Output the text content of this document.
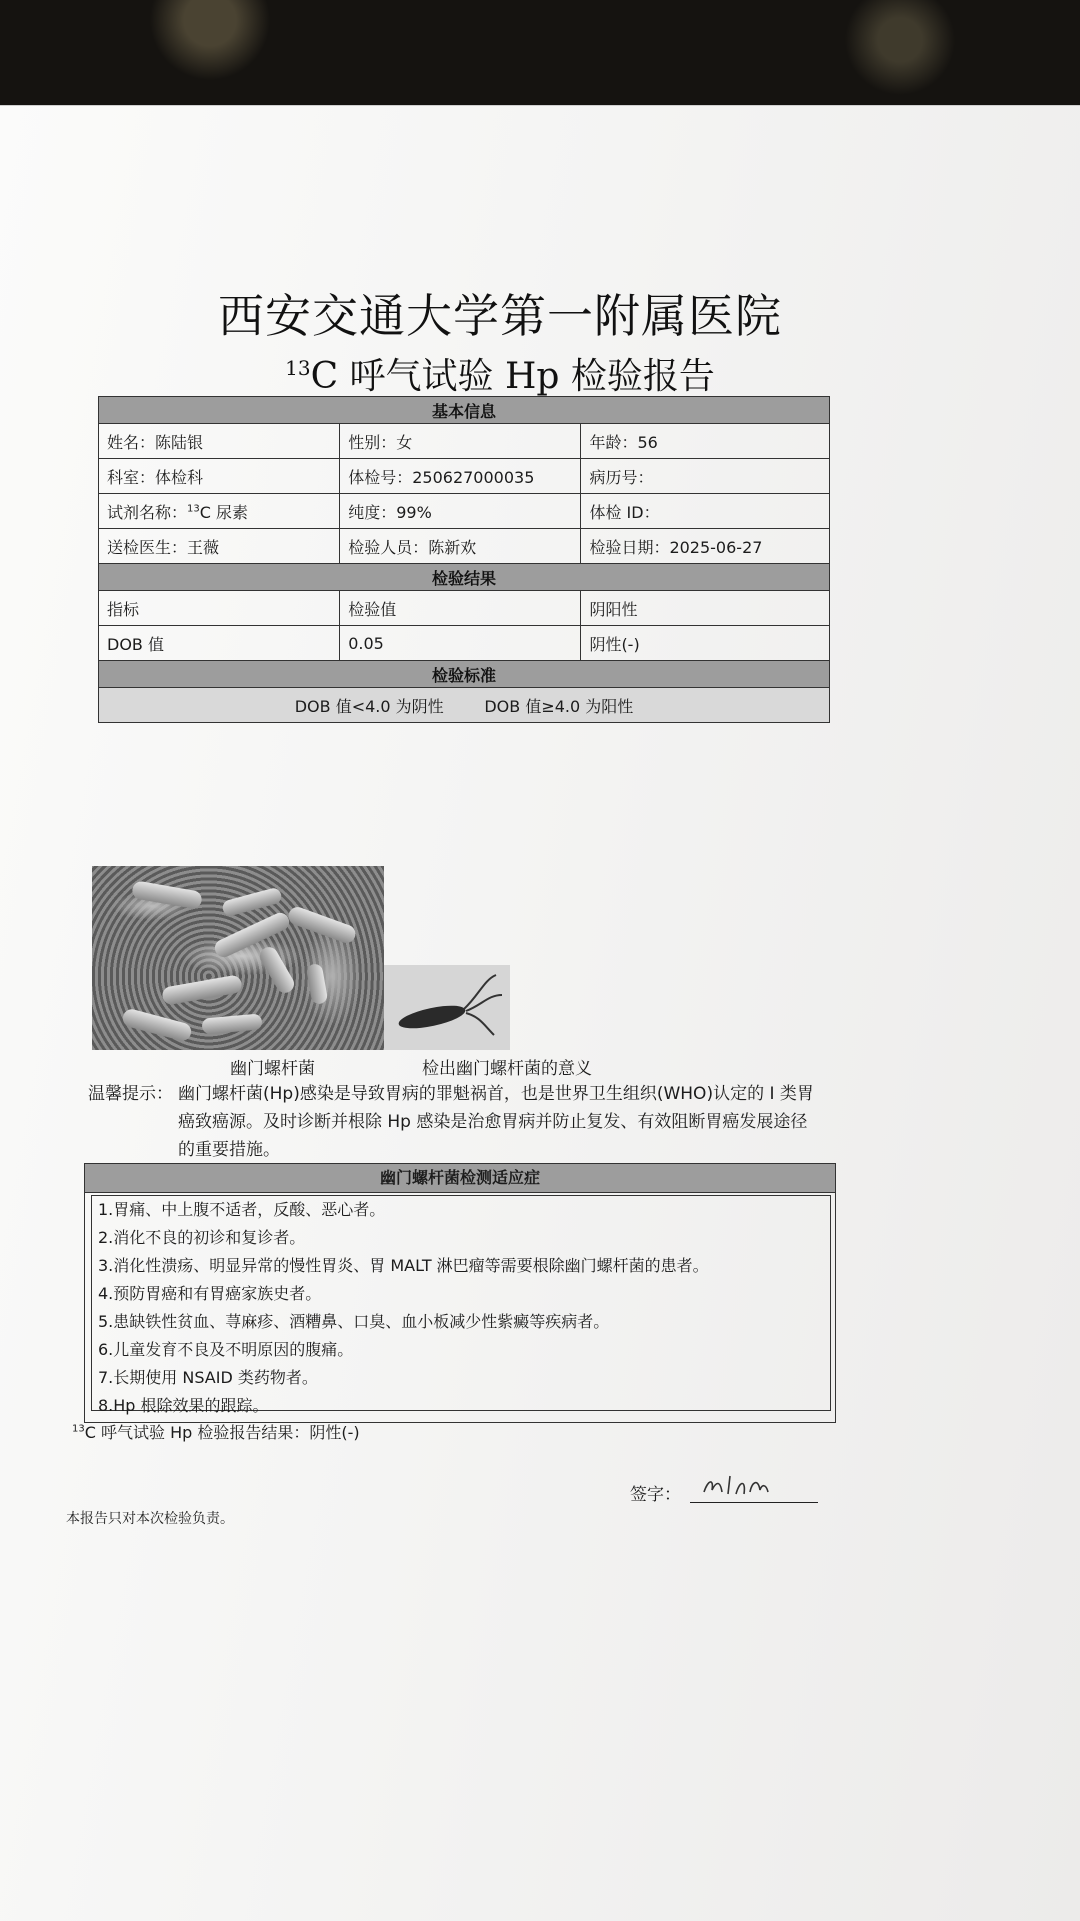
西安交通大学第一附属医院
$^{13}$C 呼气试验 Hp 检验报告
基本信息		
姓名：陈陆银	性别：女	年龄：56
科室：体检科	体检号：250627000035	病历号：
试剂名称：$^{13}$C 尿素	纯度：99%	体检 ID：
送检医生：王薇	检验人员：陈新欢	检验日期：2025-06-27
检验结果		
指标	检验值	阴阳性
DOB 值	0.05	阴性(-)
检验标准		
DOB 值<4.0 为阴性        DOB 值≥4.0 为阳性		
幽门螺杆菌	检出幽门螺杆菌的意义
温馨提示： 幽门螺杆菌(Hp)感染是导致胃病的罪魁祸首，也是世界卫生组织(WHO)认定的 I 类胃癌致癌源。及时诊断并根除 Hp 感染是治愈胃病并防止复发、有效阻断胃癌发展途径的重要措施。
幽门螺杆菌检测适应症
1.胃痛、中上腹不适者，反酸、恶心者。
2.消化不良的初诊和复诊者。
3.消化性溃疡、明显异常的慢性胃炎、胃 MALT 淋巴瘤等需要根除幽门螺杆菌的患者。
4.预防胃癌和有胃癌家族史者。
5.患缺铁性贫血、荨麻疹、酒糟鼻、口臭、血小板减少性紫癜等疾病者。
6.儿童发育不良及不明原因的腹痛。
7.长期使用 NSAID 类药物者。
8.Hp 根除效果的跟踪。
$^{13}$C 呼气试验 Hp 检验报告结果：阴性(-)
签字：
本报告只对本次检验负责。
